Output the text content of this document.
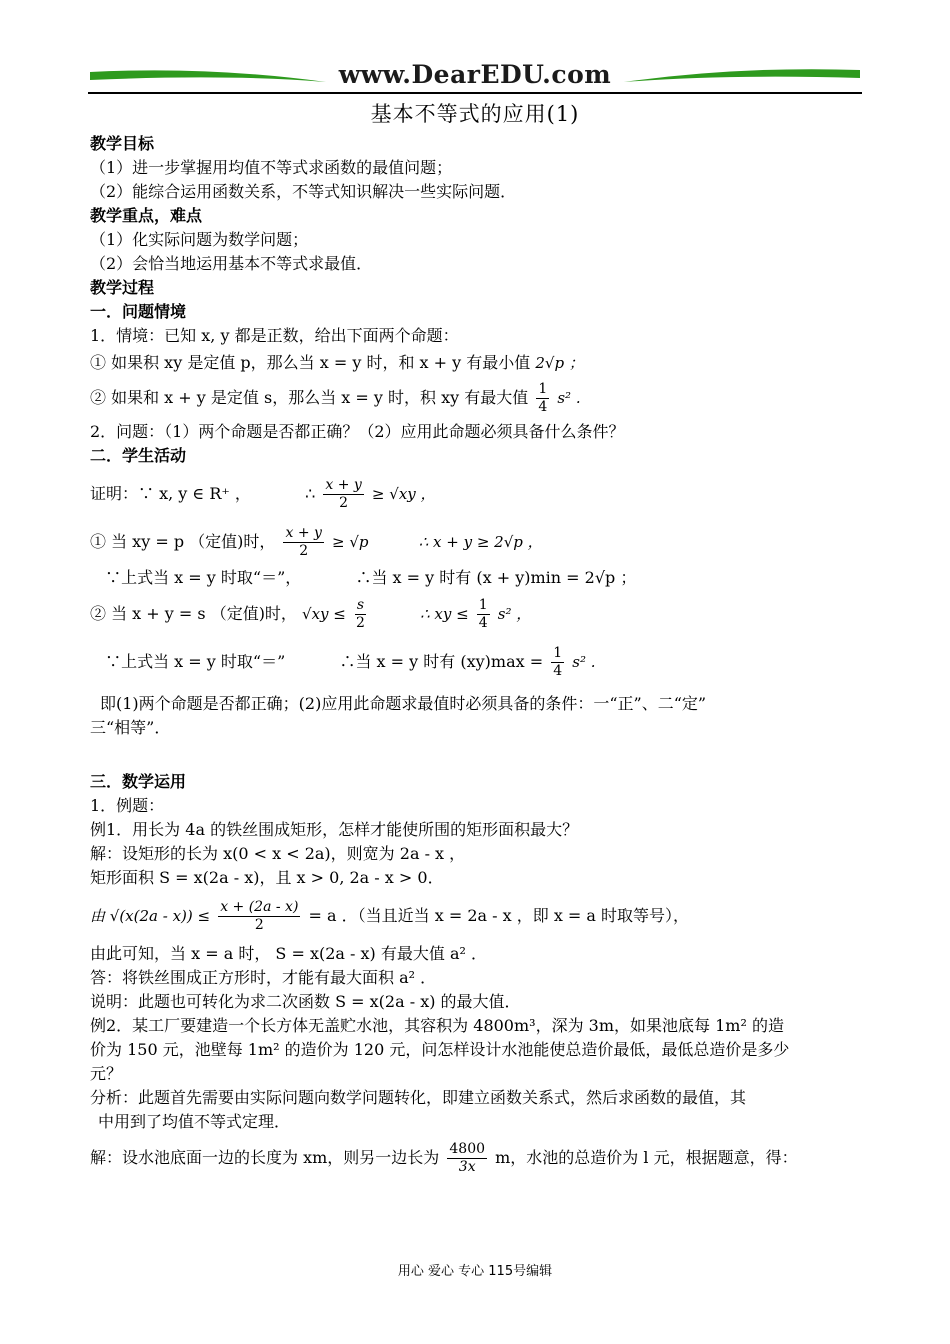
www.DearEDU.com
基本不等式的应用(1)
教学目标
（1）进一步掌握用均值不等式求函数的最值问题；
（2）能综合运用函数关系，不等式知识解决一些实际问题．
教学重点，难点
（1）化实际问题为数学问题；
（2）会恰当地运用基本不等式求最值．
教学过程
一．问题情境
1．情境：已知 x, y 都是正数，给出下面两个命题：
① 如果积 xy 是定值 p，那么当 x = y 时，和 x + y 有最小值 2√p ；
② 如果和 x + y 是定值 s，那么当 x = y 时，积 xy 有最大值 $\frac{1}{4} s^2$ .
2．问题：（1）两个命题是否都正确？（2）应用此命题必须具备什么条件？
二．学生活动
证明：∵ x, y ∈ R⁺ ，	∴ $\frac{x + y}{2} \ge √xy$ ，
① 当 xy = p （定值)时， $\frac{x + y}{2} \ge √p$	∴ x + y ≥ 2√p ，
∵上式当 x = y 时取“＝”，	∴当 x = y 时有 (x + y)min = 2√p ；
② 当 x + y = s （定值)时， $√xy \le \frac{s}{2}$	∴ xy ≤ $\frac{1}{4} s^2$ ，
∵上式当 x = y 时取“＝”	∴当 x = y 时有 $(xy)\max = \frac{1}{4} s^2$ .
即(1)两个命题是否都正确；(2)应用此命题求最值时必须具备的条件：一“正”、二“定”
三“相等”．
三．数学运用
1．例题：
例1．用长为 4a 的铁丝围成矩形，怎样才能使所围的矩形面积最大？
解：设矩形的长为 x(0 < x < 2a)，则宽为 2a - x ，
矩形面积 S = x(2a - x)，且 x > 0, 2a - x > 0．
由 $√(x(2a - x)) \le \frac{x + (2a - x)}{2} = a$ ．（当且近当 x = 2a - x ，即 x = a 时取等号），
由此可知，当 x = a 时， S = x(2a - x) 有最大值 a² ．
答：将铁丝围成正方形时，才能有最大面积 a² ．
说明：此题也可转化为求二次函数 S = x(2a - x) 的最大值．
例2．某工厂要建造一个长方体无盖贮水池，其容积为 4800m³，深为 3m，如果池底每 1m² 的造
价为 150 元，池壁每 1m² 的造价为 120 元，问怎样设计水池能使总造价最低，最低总造价是多少
元？
分析：此题首先需要由实际问题向数学问题转化，即建立函数关系式，然后求函数的最值，其
中用到了均值不等式定理．
解：设水池底面一边的长度为 xm，则另一边长为 $\frac{4800}{3x}$ m，水池的总造价为 l 元，根据题意，得：
用心 爱心 专心 115号编辑
